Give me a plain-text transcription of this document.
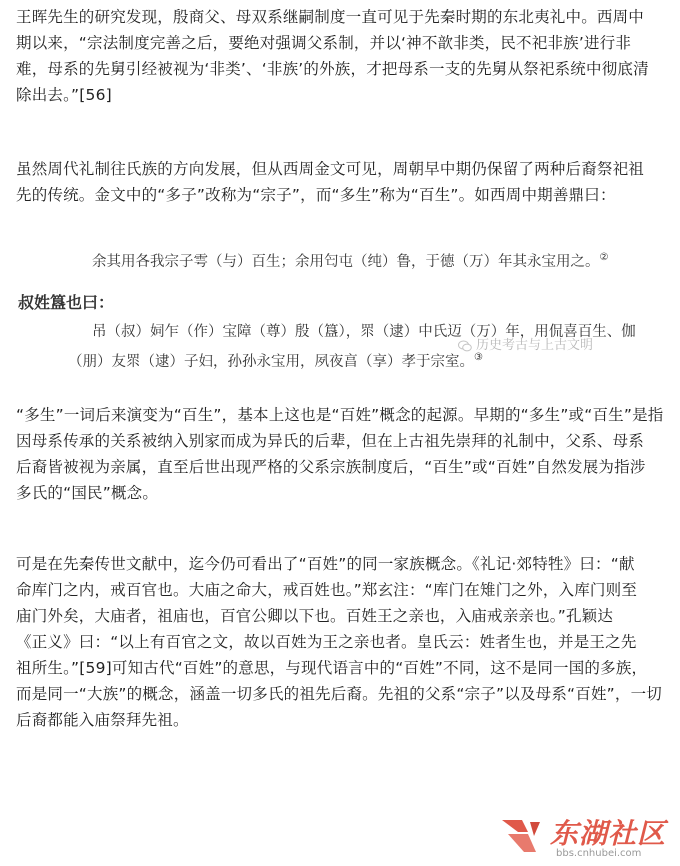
王晖先生的研究发现，殷商父、母双系继嗣制度一直可见于先秦时期的东北夷礼中。西周中
期以来，“宗法制度完善之后，要绝对强调父系制，并以‘神不歆非类，民不祀非族’进行非
难，母系的先舅引经被视为‘非类’、‘非族’的外族，才把母系一支的先舅从祭祀系统中彻底清
除出去。”[56]
虽然周代礼制往氏族的方向发展，但从西周金文可见，周朝早中期仍保留了两种后裔祭祀祖
先的传统。金文中的“多子”改称为“宗子”，而“多生”称为“百生”。如西周中期善鼎曰：
余其用各我宗子雩（与）百生；余用匄屯（纯）鲁，于德（万）年其永宝用之。②
叔姓簋也曰：
吊（叔）㚸乍（作）宝障（尊）殷（簋），眔（逮）中氏迈（万）年，用侃喜百生、伽
（朋）友眔（逮）子妇，孙孙永宝用，夙夜亯（享）孝于宗室。③
历史考古与上古文明
“多生”一词后来演变为“百生”，基本上这也是“百姓”概念的起源。早期的“多生”或“百生”是指
因母系传承的关系被纳入别家而成为异氏的后辈，但在上古祖先崇拜的礼制中，父系、母系
后裔皆被视为亲属，直至后世出现严格的父系宗族制度后，“百生”或“百姓”自然发展为指涉
多氏的“国民”概念。
可是在先秦传世文献中，迄今仍可看出了“百姓”的同一家族概念。《礼记·郊特牲》曰：“献
命库门之内，戒百官也。大庙之命大，戒百姓也。”郑玄注：“库门在雉门之外，入库门则至
庙门外矣，大庙者，祖庙也，百官公卿以下也。百姓王之亲也，入庙戒亲亲也。”孔颖达
《正义》曰：“以上有百官之文，故以百姓为王之亲也者。皇氏云：姓者生也，并是王之先
祖所生。”[59]可知古代“百姓”的意思，与现代语言中的“百姓”不同，这不是同一国的多族，
而是同一“大族”的概念，涵盖一切多氏的祖先后裔。先祖的父系“宗子”以及母系“百姓”，一切
后裔都能入庙祭拜先祖。
东湖社区
bbs.cnhubei.com
